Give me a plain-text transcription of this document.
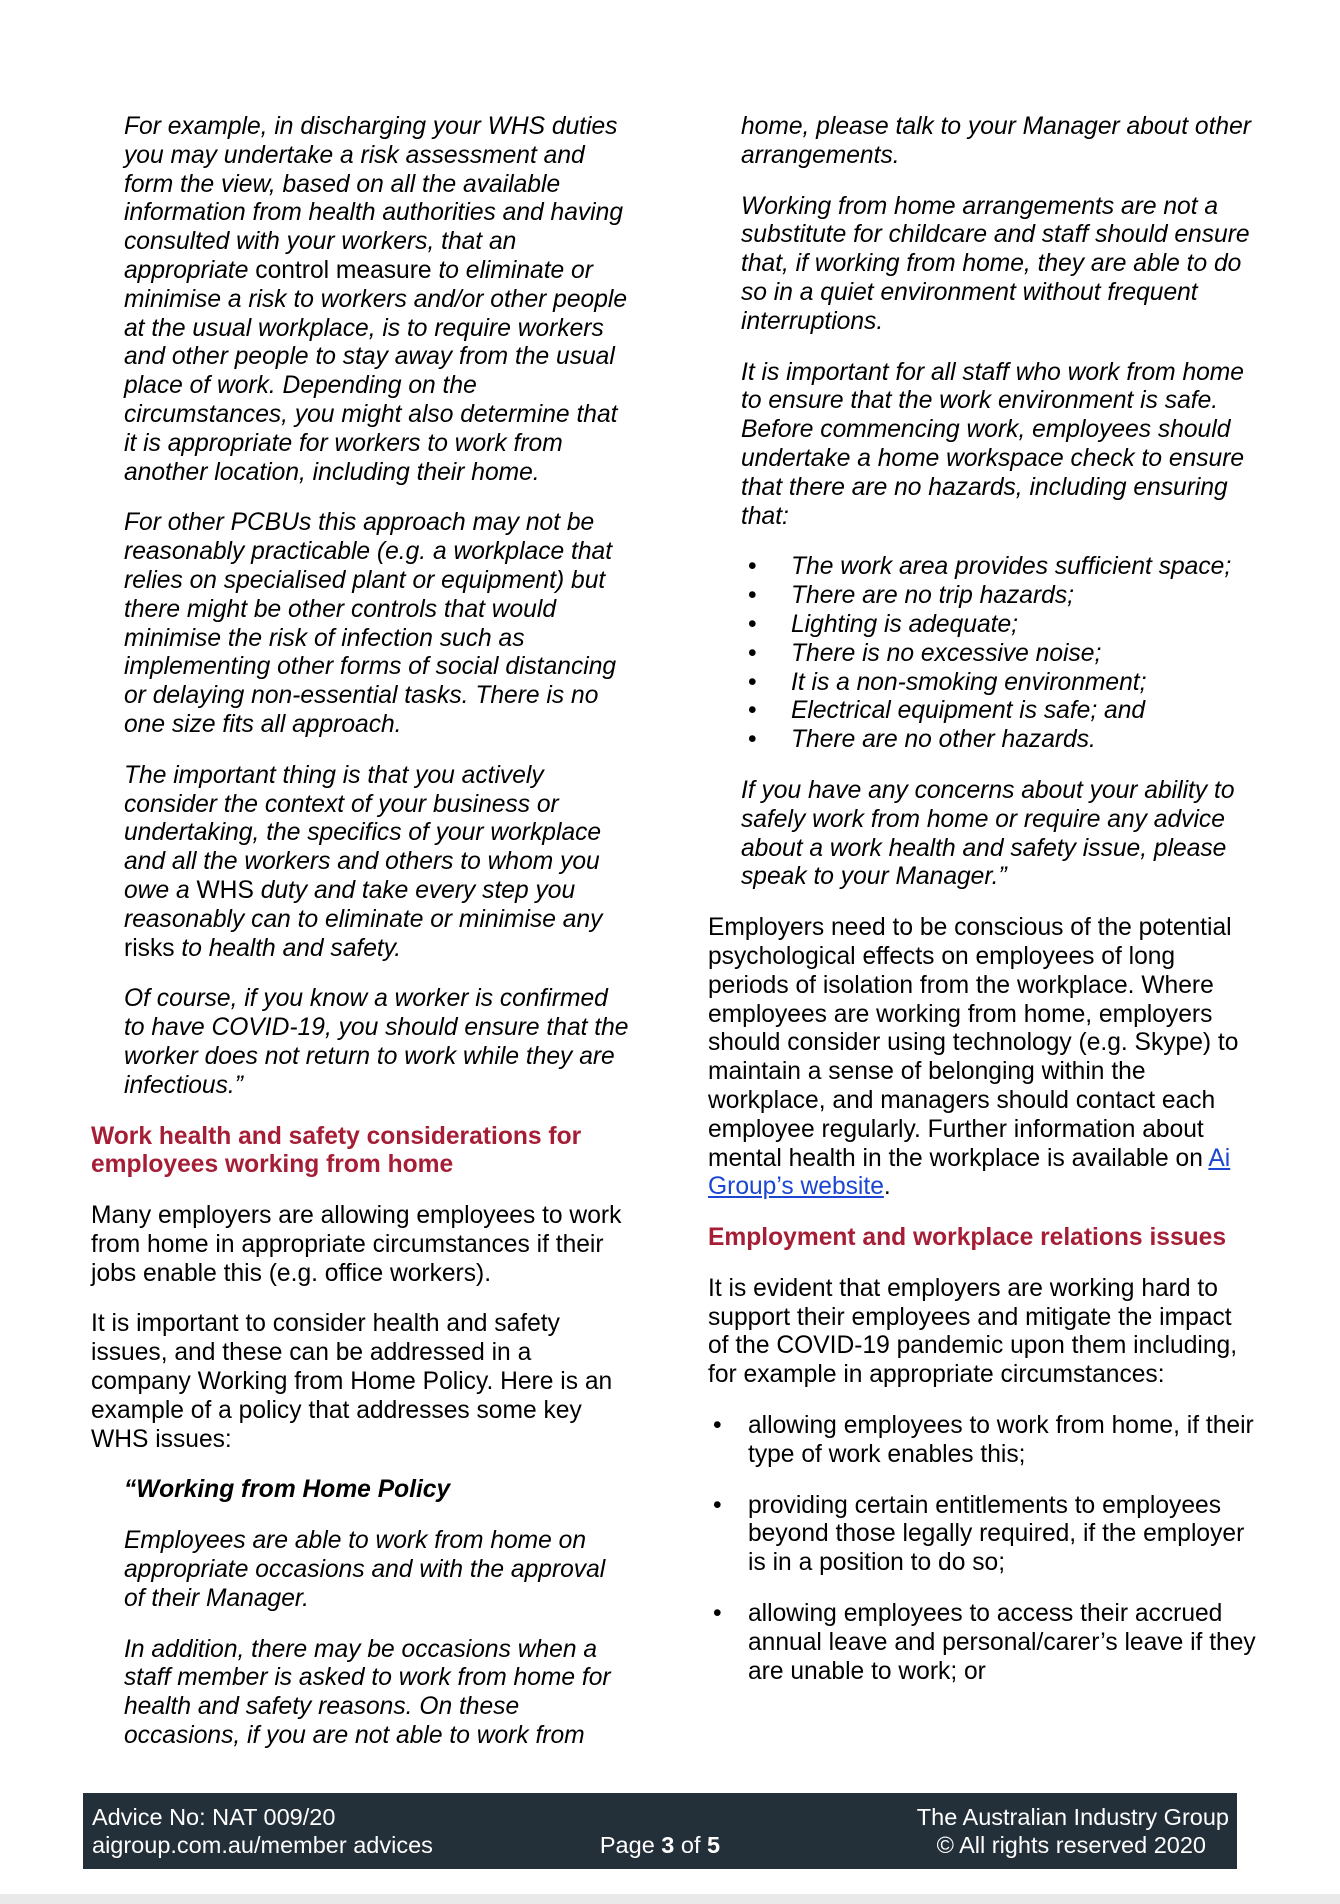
For example, in discharging your WHS duties you may undertake a risk assessment and form the view, based on all the available information from health authorities and having consulted with your workers, that an appropriate control measure to eliminate or minimise a risk to workers and/or other people at the usual workplace, is to require workers and other people to stay away from the usual place of work. Depending on the circumstances, you might also determine that it is appropriate for workers to work from another location, including their home.

For other PCBUs this approach may not be reasonably practicable (e.g. a workplace that relies on specialised plant or equipment) but there might be other controls that would minimise the risk of infection such as implementing other forms of social distancing or delaying non-essential tasks. There is no one size fits all approach.

The important thing is that you actively consider the context of your business or undertaking, the specifics of your workplace and all the workers and others to whom you owe a WHS duty and take every step you reasonably can to eliminate or minimise any risks to health and safety.

Of course, if you know a worker is confirmed to have COVID-19, you should ensure that the worker does not return to work while they are infectious.”

Work health and safety considerations for employees working from home

Many employers are allowing employees to work from home in appropriate circumstances if their jobs enable this (e.g. office workers).

It is important to consider health and safety issues, and these can be addressed in a company Working from Home Policy. Here is an example of a policy that addresses some key WHS issues:

“Working from Home Policy

Employees are able to work from home on appropriate occasions and with the approval of their Manager.

In addition, there may be occasions when a staff member is asked to work from home for health and safety reasons. On these occasions, if you are not able to work from

home, please talk to your Manager about other arrangements.

Working from home arrangements are not a substitute for childcare and staff should ensure that, if working from home, they are able to do so in a quiet environment without frequent interruptions.

It is important for all staff who work from home to ensure that the work environment is safe. Before commencing work, employees should undertake a home workspace check to ensure that there are no hazards, including ensuring that:

• The work area provides sufficient space;
• There are no trip hazards;
• Lighting is adequate;
• There is no excessive noise;
• It is a non-smoking environment;
• Electrical equipment is safe; and
• There are no other hazards.

If you have any concerns about your ability to safely work from home or require any advice about a work health and safety issue, please speak to your Manager.”

Employers need to be conscious of the potential psychological effects on employees of long periods of isolation from the workplace. Where employees are working from home, employers should consider using technology (e.g. Skype) to maintain a sense of belonging within the workplace, and managers should contact each employee regularly. Further information about mental health in the workplace is available on Ai Group’s website.

Employment and workplace relations issues

It is evident that employers are working hard to support their employees and mitigate the impact of the COVID-19 pandemic upon them including, for example in appropriate circumstances:

• allowing employees to work from home, if their type of work enables this;
• providing certain entitlements to employees beyond those legally required, if the employer is in a position to do so;
• allowing employees to access their accrued annual leave and personal/carer’s leave if they are unable to work; or
Advice No: NAT 009/20
aigroup.com.au/member advices	Page 3 of 5
The Australian Industry Group
© All rights reserved 2020
